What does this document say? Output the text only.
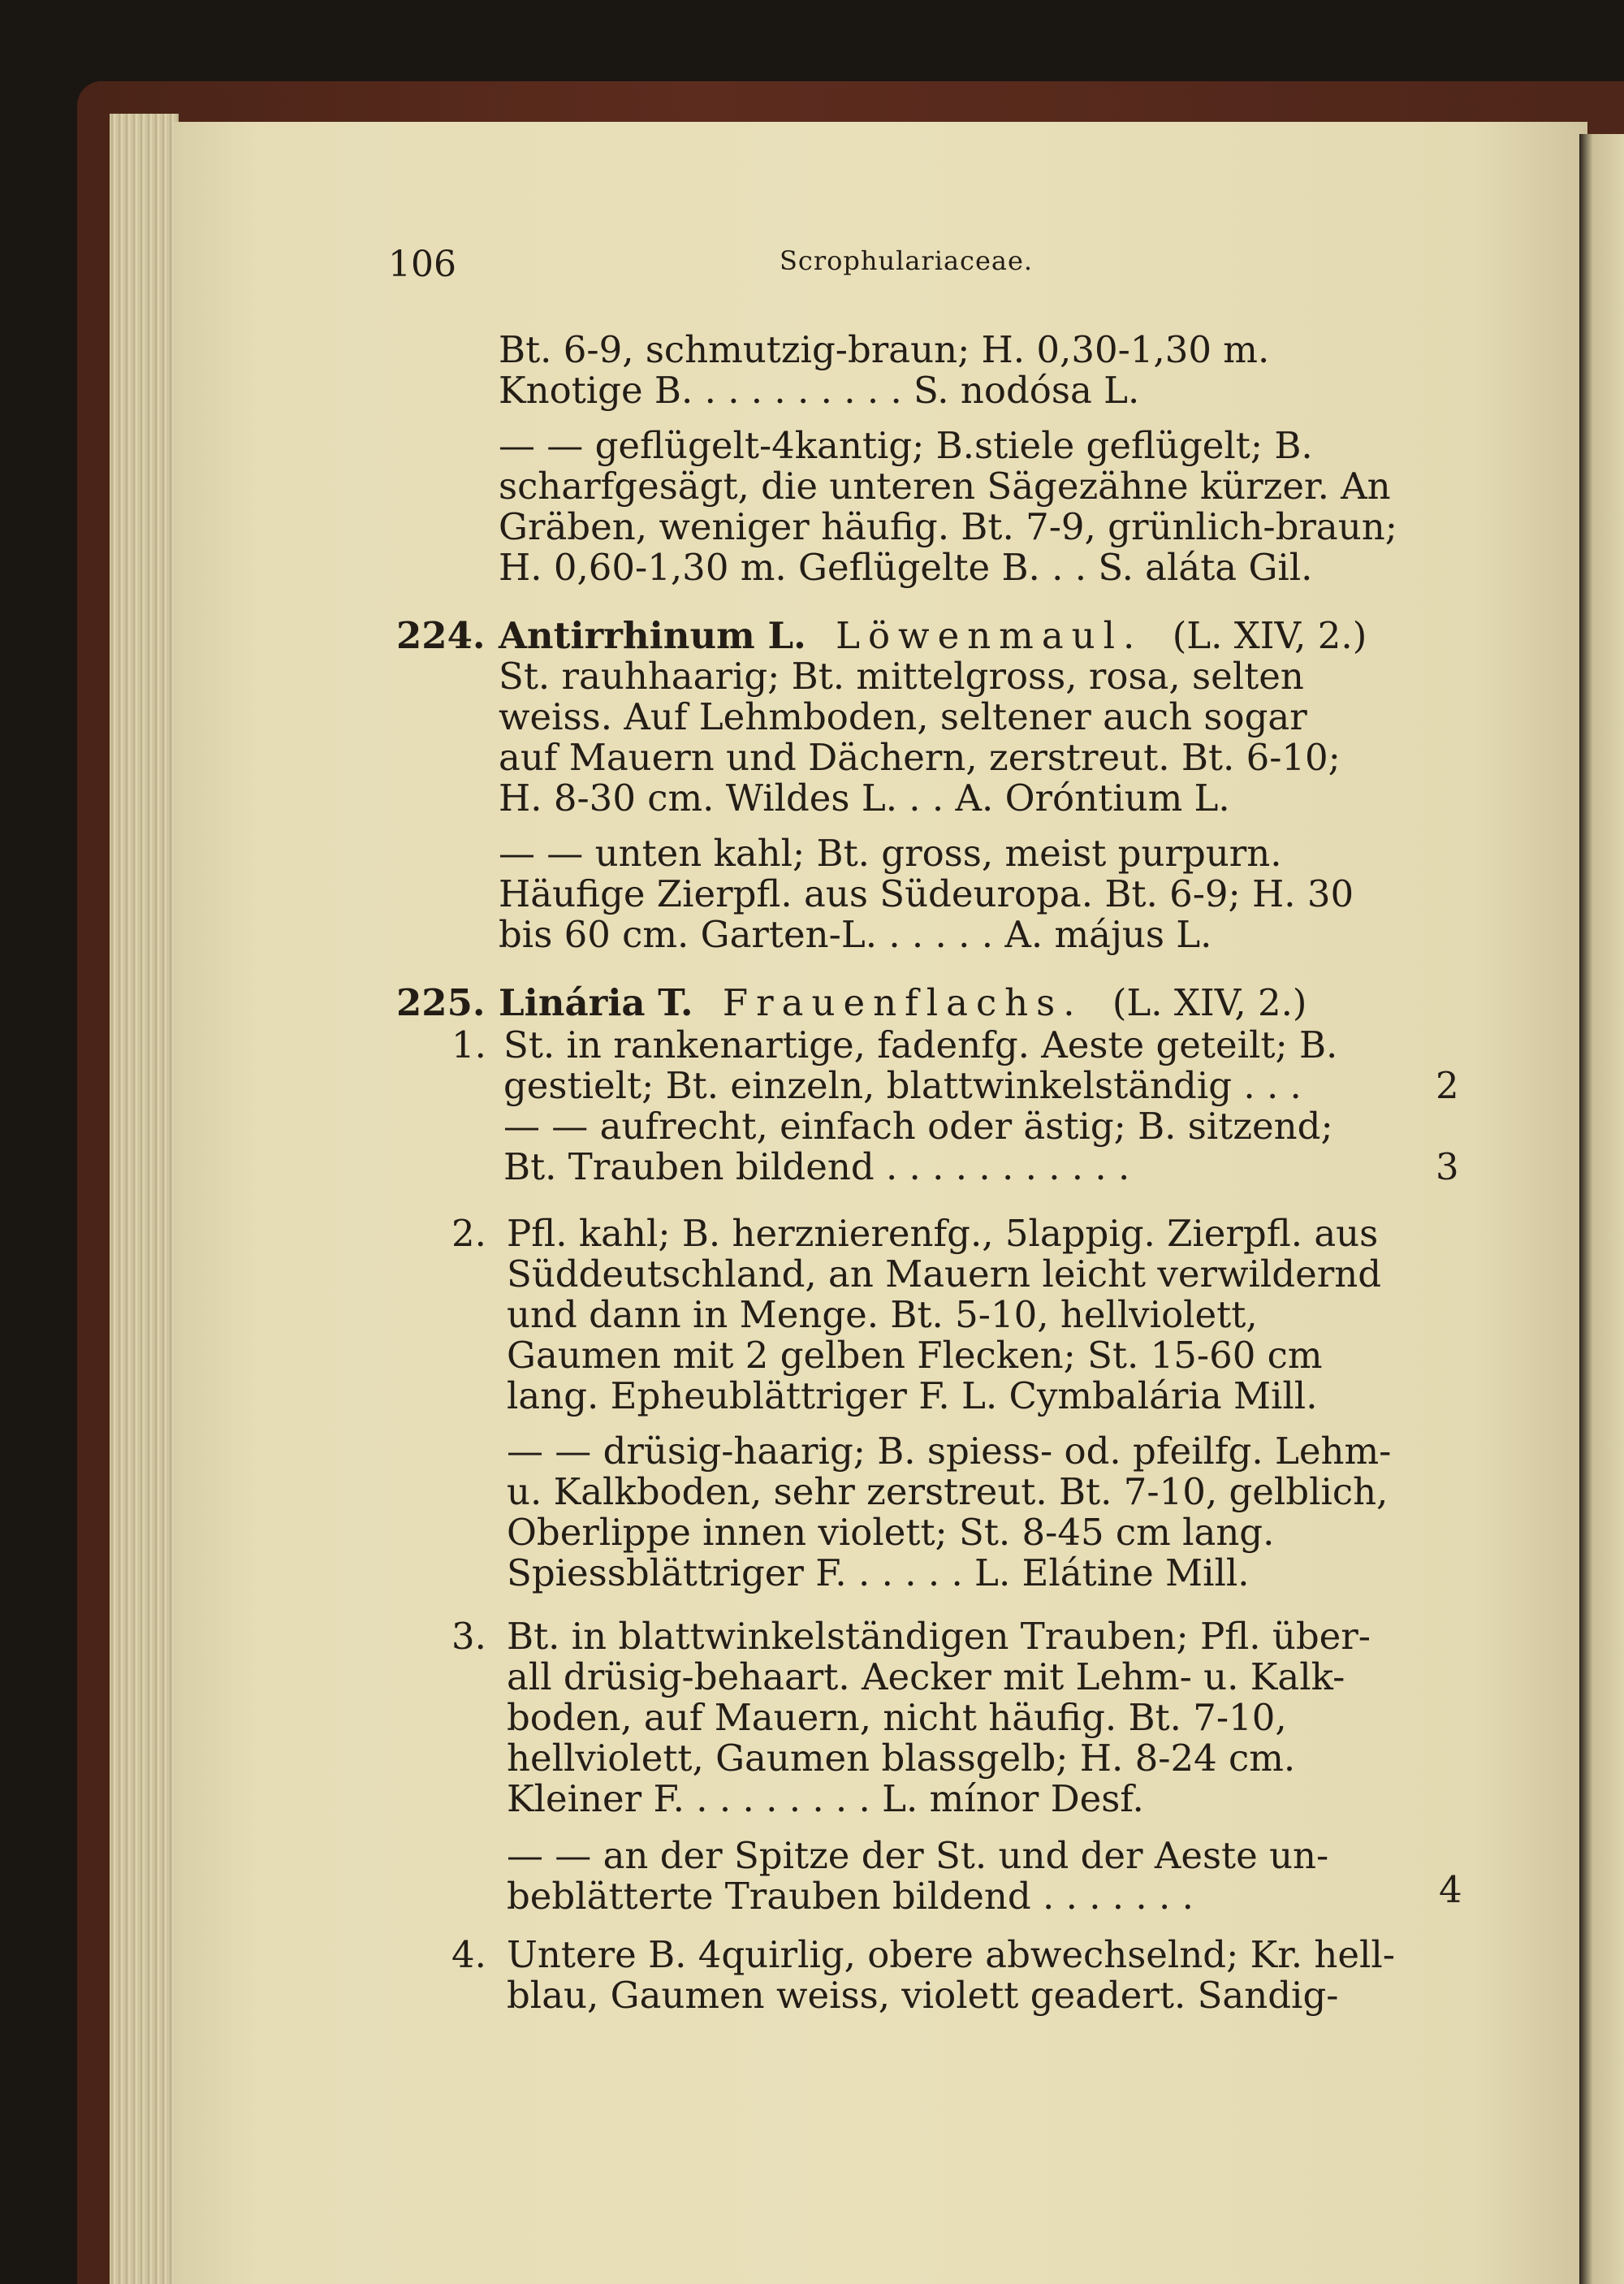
106	Scrophulariaceae.
Bt. 6-9, schmutzig-braun; H. 0,30-1,30 m.
Knotige B. . . . . . . . . . S. nodósa L.
— — geflügelt-4kantig; B.stiele geflügelt; B.
scharfgesägt, die unteren Sägezähne kürzer. An
Gräben, weniger häufig. Bt. 7-9, grünlich-braun;
H. 0,60-1,30 m. Geflügelte B. . . S. aláta Gil.
224. Antirrhinum L. Löwenmaul. (L. XIV, 2.)
St. rauhhaarig; Bt. mittelgross, rosa, selten
weiss. Auf Lehmboden, seltener auch sogar
auf Mauern und Dächern, zerstreut. Bt. 6-10;
H. 8-30 cm. Wildes L. . . A. Oróntium L.
— — unten kahl; Bt. gross, meist purpurn.
Häufige Zierpfl. aus Südeuropa. Bt. 6-9; H. 30
bis 60 cm. Garten-L. . . . . . A. május L.
225. Linária T. Frauenflachs. (L. XIV, 2.)
1. St. in rankenartige, fadenfg. Aeste geteilt; B.
gestielt; Bt. einzeln, blattwinkelständig . . .	2
— — aufrecht, einfach oder ästig; B. sitzend;
Bt. Trauben bildend . . . . . . . . . . .	3
2. Pfl. kahl; B. herznierenfg., 5lappig. Zierpfl. aus
Süddeutschland, an Mauern leicht verwildernd
und dann in Menge. Bt. 5-10, hellviolett,
Gaumen mit 2 gelben Flecken; St. 15-60 cm
lang. Epheublättriger F. L. Cymbalária Mill.
— — drüsig-haarig; B. spiess- od. pfeilfg. Lehm-
u. Kalkboden, sehr zerstreut. Bt. 7-10, gelblich,
Oberlippe innen violett; St. 8-45 cm lang.
Spiessblättriger F. . . . . . L. Elátine Mill.
3. Bt. in blattwinkelständigen Trauben; Pfl. über-
all drüsig-behaart. Aecker mit Lehm- u. Kalk-
boden, auf Mauern, nicht häufig. Bt. 7-10,
hellviolett, Gaumen blassgelb; H. 8-24 cm.
Kleiner F. . . . . . . . . L. mínor Desf.
— — an der Spitze der St. und der Aeste un-
beblätterte Trauben bildend . . . . . . .	4
4. Untere B. 4quirlig, obere abwechselnd; Kr. hell-
blau, Gaumen weiss, violett geadert. Sandig-
